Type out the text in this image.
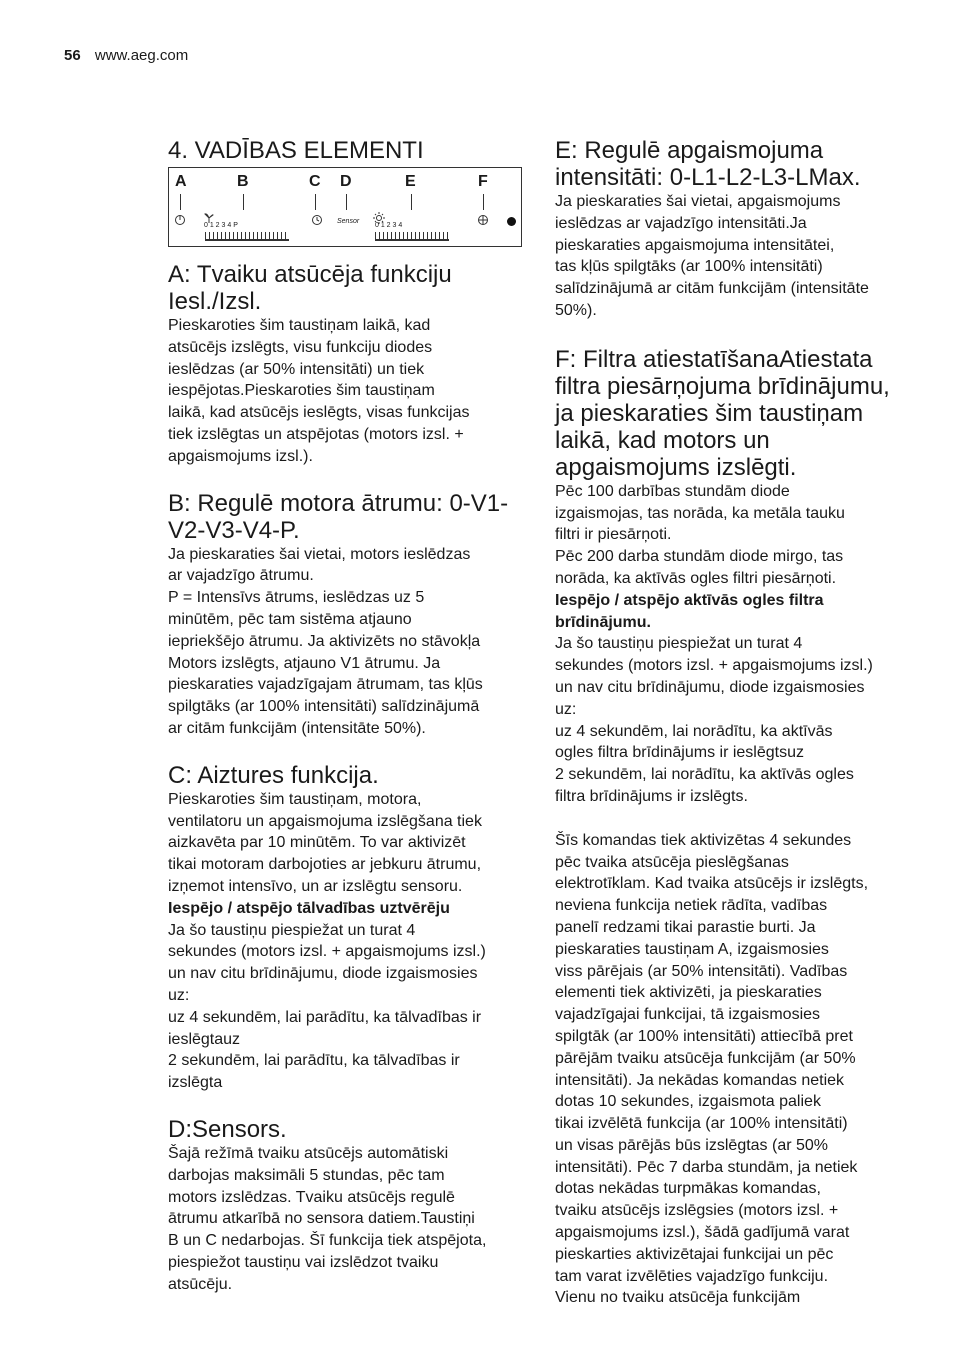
56 www.aeg.com
4. VADĪBAS ELEMENTI
A	B	C D	E	F
0 1 2 3 4 P
Sensor
0 1 2 3 4
A: Tvaiku atsūcēja funkciju Iesl./Izsl.

Pieskaroties šim taustiņam laikā, kad
atsūcējs izslēgts, visu funkciju diodes
ieslēdzas (ar 50% intensitāti) un tiek
iespējotas.Pieskaroties šim taustiņam
laikā, kad atsūcējs ieslēgts, visas funkcijas
tiek izslēgtas un atspējotas (motors izsl. +
apgaismojums izsl.).

B: Regulē motora ātrumu: 0-V1-V2-V3-V4-P.

Ja pieskaraties šai vietai, motors ieslēdzas
ar vajadzīgo ātrumu.
P = Intensīvs ātrums, ieslēdzas uz 5
minūtēm, pēc tam sistēma atjauno
iepriekšējo ātrumu. Ja aktivizēts no stāvokļa
Motors izslēgts, atjauno V1 ātrumu. Ja
pieskaraties vajadzīgajam ātrumam, tas kļūs
spilgtāks (ar 100% intensitāti) salīdzinājumā
ar citām funkcijām (intensitāte 50%).

C: Aiztures funkcija.

Pieskaroties šim taustiņam, motora,
ventilatoru un apgaismojuma izslēgšana tiek
aizkavēta par 10 minūtēm. To var aktivizēt
tikai motoram darbojoties ar jebkuru ātrumu,
izņemot intensīvo, un ar izslēgtu sensoru.

Iespējo / atspējo tālvadības uztvērēju

Ja šo taustiņu piespiežat un turat 4
sekundes (motors izsl. + apgaismojums izsl.)
un nav citu brīdinājumu, diode izgaismosies
uz:
uz 4 sekundēm, lai parādītu, ka tālvadības ir
ieslēgtauz
2 sekundēm, lai parādītu, ka tālvadības ir
izslēgta

D:Sensors.

Šajā režīmā tvaiku atsūcējs automātiski
darbojas maksimāli 5 stundas, pēc tam
motors izslēdzas. Tvaiku atsūcējs regulē
ātrumu atkarībā no sensora datiem.Taustiņi
B un C nedarbojas. Šī funkcija tiek atspējota,
piespiežot taustiņu vai izslēdzot tvaiku
atsūcēju.

E: Regulē apgaismojuma intensitāti: 0-L1-L2-L3-LMax.

Ja pieskaraties šai vietai, apgaismojums
ieslēdzas ar vajadzīgo intensitāti.Ja
pieskaraties apgaismojuma intensitātei,
tas kļūs spilgtāks (ar 100% intensitāti)
salīdzinājumā ar citām funkcijām (intensitāte
50%).

F: Filtra atiestatīšanaAtiestata filtra piesārņojuma brīdinājumu, ja pieskaraties šim taustiņam laikā, kad motors un apgaismojums izslēgti.

Pēc 100 darbības stundām diode
izgaismojas, tas norāda, ka metāla tauku
filtri ir piesārņoti.
Pēc 200 darba stundām diode mirgo, tas
norāda, ka aktīvās ogles filtri piesārņoti.

Iespējo / atspējo aktīvās ogles filtra
brīdinājumu.

Ja šo taustiņu piespiežat un turat 4
sekundes (motors izsl. + apgaismojums izsl.)
un nav citu brīdinājumu, diode izgaismosies
uz:
uz 4 sekundēm, lai norādītu, ka aktīvās
ogles filtra brīdinājums ir ieslēgtsuz
2 sekundēm, lai norādītu, ka aktīvās ogles
filtra brīdinājums ir izslēgts.

Šīs komandas tiek aktivizētas 4 sekundes
pēc tvaika atsūcēja pieslēgšanas
elektrotīklam. Kad tvaika atsūcējs ir izslēgts,
neviena funkcija netiek rādīta, vadības
panelī redzami tikai parastie burti. Ja
pieskaraties taustiņam A, izgaismosies
viss pārējais (ar 50% intensitāti). Vadības
elementi tiek aktivizēti, ja pieskaraties
vajadzīgajai funkcijai, tā izgaismosies
spilgtāk (ar 100% intensitāti) attiecībā pret
pārējām tvaiku atsūcēja funkcijām (ar 50%
intensitāti). Ja nekādas komandas netiek
dotas 10 sekundes, izgaismota paliek
tikai izvēlētā funkcija (ar 100% intensitāti)
un visas pārējās būs izslēgtas (ar 50%
intensitāti). Pēc 7 darba stundām, ja netiek
dotas nekādas turpmākas komandas,
tvaiku atsūcējs izslēgsies (motors izsl. +
apgaismojums izsl.), šādā gadījumā varat
pieskarties aktivizētajai funkcijai un pēc
tam varat izvēlēties vajadzīgo funkciju.
Vienu no tvaiku atsūcēja funkcijām
